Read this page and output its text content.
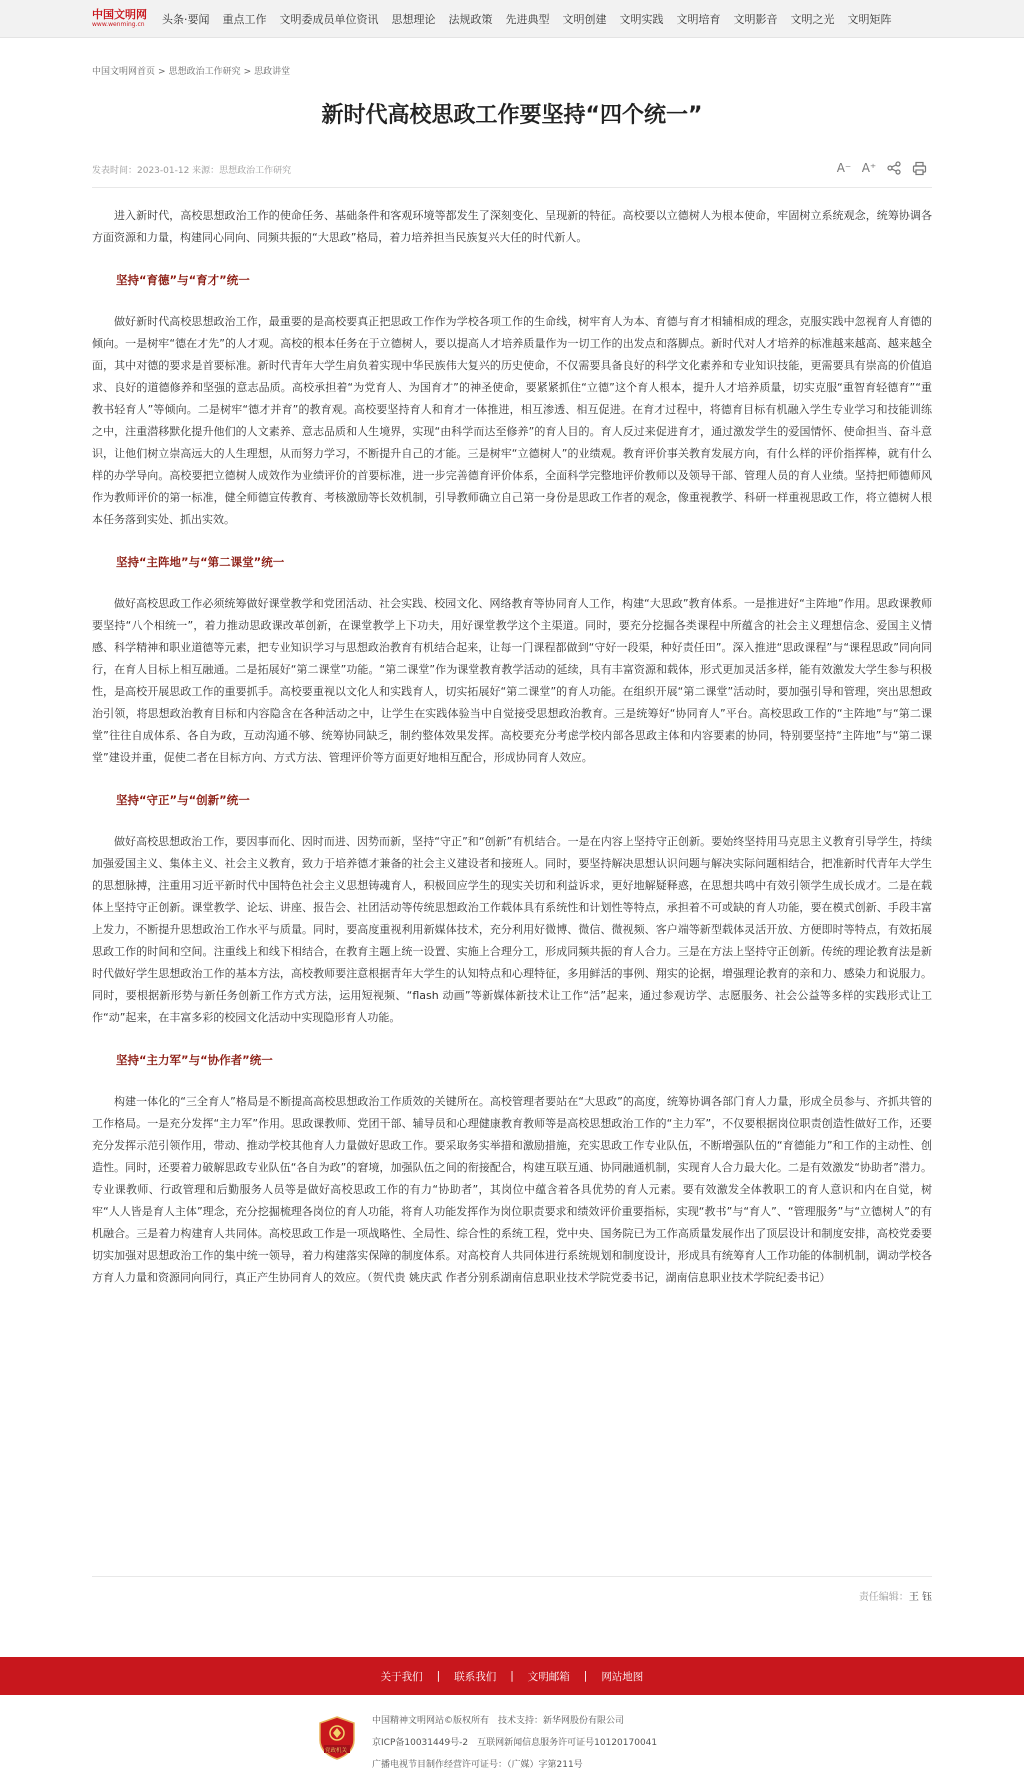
中国文明网
www.wenming.cn 头条·要闻 重点工作 文明委成员单位资讯 思想理论 法规政策 先进典型 文明创建 文明实践 文明培育 文明影音 文明之光 文明矩阵
中国文明网首页 > 思想政治工作研究 > 思政讲堂
新时代高校思政工作要坚持“四个统一”
发表时间：2023-01-12 来源：思想政治工作研究	A⁻ A⁺

进入新时代，高校思想政治工作的使命任务、基础条件和客观环境等都发生了深刻变化、呈现新的特征。高校要以立德树人为根本使命，牢固树立系统观念，统筹协调各方面资源和力量，构建同心同向、同频共振的“大思政”格局，着力培养担当民族复兴大任的时代新人。

坚持“育德”与“育才”统一

做好新时代高校思想政治工作，最重要的是高校要真正把思政工作作为学校各项工作的生命线，树牢育人为本、育德与育才相辅相成的理念，克服实践中忽视育人育德的倾向。一是树牢“德在才先”的人才观。高校的根本任务在于立德树人，要以提高人才培养质量作为一切工作的出发点和落脚点。新时代对人才培养的标准越来越高、越来越全面，其中对德的要求是首要标准。新时代青年大学生肩负着实现中华民族伟大复兴的历史使命，不仅需要具备良好的科学文化素养和专业知识技能，更需要具有崇高的价值追求、良好的道德修养和坚强的意志品质。高校承担着“为党育人、为国育才”的神圣使命，要紧紧抓住“立德”这个育人根本，提升人才培养质量，切实克服“重智育轻德育”“重教书轻育人”等倾向。二是树牢“德才并育”的教育观。高校要坚持育人和育才一体推进，相互渗透、相互促进。在育才过程中，将德育目标有机融入学生专业学习和技能训练之中，注重潜移默化提升他们的人文素养、意志品质和人生境界，实现“由科学而达至修养”的育人目的。育人反过来促进育才，通过激发学生的爱国情怀、使命担当、奋斗意识，让他们树立崇高远大的人生理想，从而努力学习，不断提升自己的才能。三是树牢“立德树人”的业绩观。教育评价事关教育发展方向，有什么样的评价指挥棒，就有什么样的办学导向。高校要把立德树人成效作为业绩评价的首要标准，进一步完善德育评价体系，全面科学完整地评价教师以及领导干部、管理人员的育人业绩。坚持把师德师风作为教师评价的第一标准，健全师德宣传教育、考核激励等长效机制，引导教师确立自己第一身份是思政工作者的观念，像重视教学、科研一样重视思政工作，将立德树人根本任务落到实处、抓出实效。

坚持“主阵地”与“第二课堂”统一

做好高校思政工作必须统筹做好课堂教学和党团活动、社会实践、校园文化、网络教育等协同育人工作，构建“大思政”教育体系。一是推进好“主阵地”作用。思政课教师要坚持“八个相统一”，着力推动思政课改革创新，在课堂教学上下功夫，用好课堂教学这个主渠道。同时，要充分挖掘各类课程中所蕴含的社会主义理想信念、爱国主义情感、科学精神和职业道德等元素，把专业知识学习与思想政治教育有机结合起来，让每一门课程都做到“守好一段渠，种好责任田”。深入推进“思政课程”与“课程思政”同向同行，在育人目标上相互融通。二是拓展好“第二课堂”功能。“第二课堂”作为课堂教育教学活动的延续，具有丰富资源和载体，形式更加灵活多样，能有效激发大学生参与积极性，是高校开展思政工作的重要抓手。高校要重视以文化人和实践育人，切实拓展好“第二课堂”的育人功能。在组织开展“第二课堂”活动时，要加强引导和管理，突出思想政治引领，将思想政治教育目标和内容隐含在各种活动之中，让学生在实践体验当中自觉接受思想政治教育。三是统筹好“协同育人”平台。高校思政工作的“主阵地”与“第二课堂”往往自成体系、各自为政，互动沟通不够、统筹协同缺乏，制约整体效果发挥。高校要充分考虑学校内部各思政主体和内容要素的协同，特别要坚持“主阵地”与“第二课堂”建设并重，促使二者在目标方向、方式方法、管理评价等方面更好地相互配合，形成协同育人效应。

坚持“守正”与“创新”统一

做好高校思想政治工作，要因事而化、因时而进、因势而新，坚持“守正”和“创新”有机结合。一是在内容上坚持守正创新。要始终坚持用马克思主义教育引导学生，持续加强爱国主义、集体主义、社会主义教育，致力于培养德才兼备的社会主义建设者和接班人。同时，要坚持解决思想认识问题与解决实际问题相结合，把准新时代青年大学生的思想脉搏，注重用习近平新时代中国特色社会主义思想铸魂育人，积极回应学生的现实关切和利益诉求，更好地解疑释惑，在思想共鸣中有效引领学生成长成才。二是在载体上坚持守正创新。课堂教学、论坛、讲座、报告会、社团活动等传统思想政治工作载体具有系统性和计划性等特点，承担着不可或缺的育人功能，要在模式创新、手段丰富上发力，不断提升思想政治工作水平与质量。同时，要高度重视利用新媒体技术，充分利用好微博、微信、微视频、客户端等新型载体灵活开放、方便即时等特点，有效拓展思政工作的时间和空间。注重线上和线下相结合，在教育主题上统一设置、实施上合理分工，形成同频共振的育人合力。三是在方法上坚持守正创新。传统的理论教育法是新时代做好学生思想政治工作的基本方法，高校教师要注意根据青年大学生的认知特点和心理特征，多用鲜活的事例、翔实的论据，增强理论教育的亲和力、感染力和说服力。同时，要根据新形势与新任务创新工作方式方法，运用短视频、“flash 动画”等新媒体新技术让工作“活”起来，通过参观访学、志愿服务、社会公益等多样的实践形式让工作“动”起来，在丰富多彩的校园文化活动中实现隐形育人功能。

坚持“主力军”与“协作者”统一

构建一体化的“三全育人”格局是不断提高高校思想政治工作质效的关键所在。高校管理者要站在“大思政”的高度，统筹协调各部门育人力量，形成全员参与、齐抓共管的工作格局。一是充分发挥“主力军”作用。思政课教师、党团干部、辅导员和心理健康教育教师等是高校思想政治工作的“主力军”，不仅要根据岗位职责创造性做好工作，还要充分发挥示范引领作用，带动、推动学校其他育人力量做好思政工作。要采取务实举措和激励措施，充实思政工作专业队伍，不断增强队伍的“育德能力”和工作的主动性、创造性。同时，还要着力破解思政专业队伍“各自为政”的窘境，加强队伍之间的衔接配合，构建互联互通、协同融通机制，实现育人合力最大化。二是有效激发“协助者”潜力。专业课教师、行政管理和后勤服务人员等是做好高校思政工作的有力“协助者”，其岗位中蕴含着各具优势的育人元素。要有效激发全体教职工的育人意识和内在自觉，树牢“人人皆是育人主体”理念，充分挖掘梳理各岗位的育人功能，将育人功能发挥作为岗位职责要求和绩效评价重要指标，实现“教书”与“育人”、“管理服务”与“立德树人”的有机融合。三是着力构建育人共同体。高校思政工作是一项战略性、全局性、综合性的系统工程，党中央、国务院已为工作高质量发展作出了顶层设计和制度安排，高校党委要切实加强对思想政治工作的集中统一领导，着力构建落实保障的制度体系。对高校育人共同体进行系统规划和制度设计，形成具有统筹育人工作功能的体制机制，调动学校各方育人力量和资源同向同行，真正产生协同育人的效应。（贺代贵 姚庆武 作者分别系湖南信息职业技术学院党委书记，湖南信息职业技术学院纪委书记）

责任编辑：王 钰
关于我们 | 联系我们 | 文明邮箱 | 网站地图
党政机关
中国精神文明网站©版权所有　技术支持：新华网股份有限公司
京ICP备10031449号-2　互联网新闻信息服务许可证号10120170041
广播电视节目制作经营许可证号：（广媒）字第211号
